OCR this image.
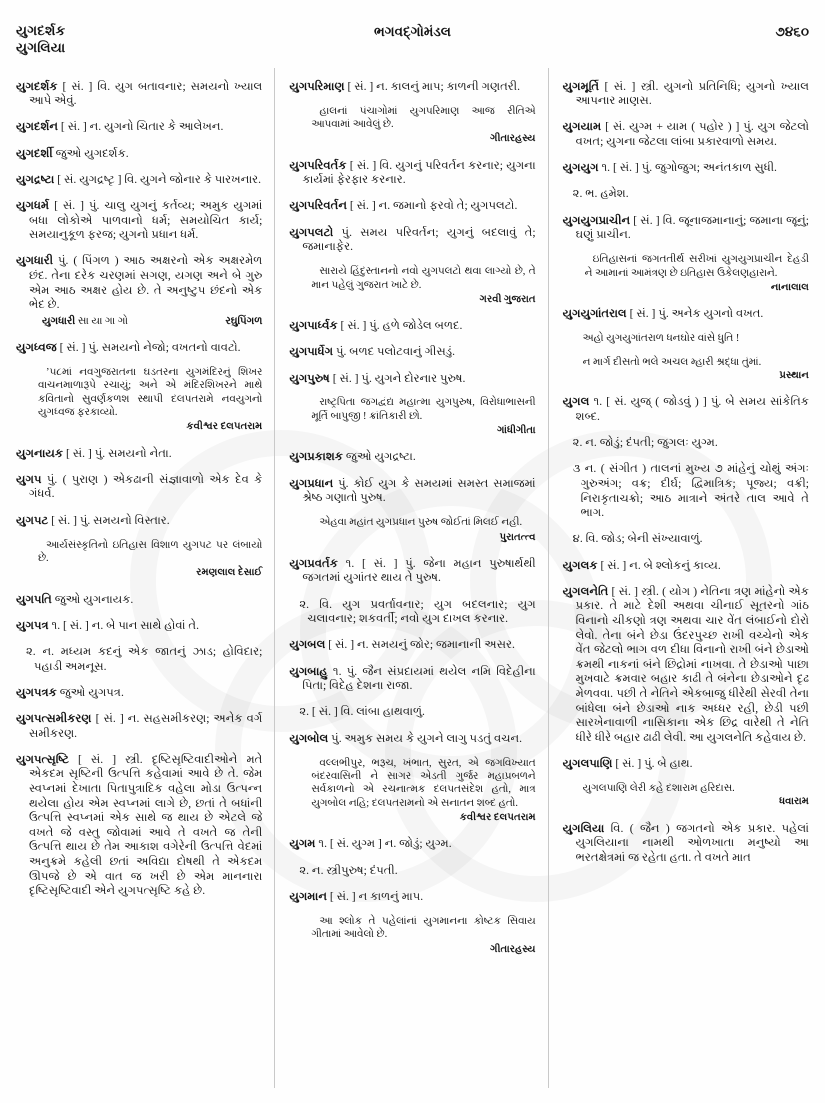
યુગદર્શક
યુગલિયા
ભગવદ્ગોમંડલ	૭૪૬૦

યુગદર્શક [ સં. ] વિ. યુગ બતાવનાર; સમયનો ખ્યાલ આપે એવું.

યુગદર્શન [ સં. ] ન. યુગનો ચિતાર કે આલેખન.

યુગદર્શી જુઓ યુગદર્શક.

યુગદ્રષ્ટા [ સં. યુગદ્રષ્ટૃ ] વિ. યુગને જોનાર કે પારખનાર.

યુગધર્મ [ સં. ] પું. ચાલુ યુગનું કર્તવ્ય; અમુક યુગમાં બધા લોકોએ પાળવાનો ધર્મ; સમયોચિત કાર્ય; સમયાનુકૂળ ફરજ; યુગનો પ્રધાન ધર્મ.

યુગધારી પું. ( પિંગળ ) આઠ અક્ષરનો એક અક્ષરમેળ છંદ. તેના દરેક ચરણમાં સગણ, યગણ અને બે ગુરુ એમ આઠ અક્ષર હોય છે. તે અનુષ્ટુપ છંદનો એક ભેદ છે.

યુગધારી સા યા ગા ગો	રઘુપિંગળ

યુગધ્વજ [ સં. ] પું. સમયનો નેજો; વખતનો વાવટો.

’૫૮માં નવગુજરાતના ઘડતરના યુગમંદિરનું શિખર વાચનમાળારૂપે રચાયું; અને એ મંદિરશિખરને માથે કવિતાનો સુવર્ણકળશ સ્થાપી દલપતરામે નવયુગનો યુગધ્વજ ફરકાવ્યો.

કવીશ્વર દલપતરામ

યુગનાયક [ સં. ] પું. સમયનો નેતા.

યુગપ પું. ( પુરાણ ) એકઢાની સંજ્ઞાવાળો એક દેવ કે ગંધર્વ.

યુગપટ [ સં. ] પું. સમયનો વિસ્તાર.

આર્યસંસ્કૃતિનો ઇતિહાસ વિશાળ યુગપટ પર લંબાયો છે.

રમણલાલ દેસાઈ

યુગપતિ જુઓ યુગનાયક.

યુગપત્ર ૧. [ સં. ] ન. બે પાન સાથે હોવાં તે.

૨. ન. મધ્યમ કદનું એક જાતનું ઝાડ; હોવિદાર; પહાડી અમનૂસ.

યુગપત્રક જુઓ યુગપત્ર.

યુગપત્સમીકરણ [ સં. ] ન. સહસમીકરણ; અનેક વર્ગ સમીકરણ.

યુગપત્સૃષ્ટિ [ સં. ] સ્ત્રી. દૃષ્ટિસૃષ્ટિવાદીઓને મતે એકદમ સૃષ્ટિની ઉત્પત્તિ કહેવામાં આવે છે તે. જેમ સ્વપ્નમાં દેખાતા પિતાપુત્રાદિક વહેલા મોડા ઉત્પન્ન થયેલા હોય એમ સ્વપ્નમાં લાગે છે, છતાં તે બધાંની ઉત્પત્તિ સ્વપ્નમાં એક સાથે જ થાય છે એટલે જે વખતે જે વસ્તુ જોવામાં આવે તે વખતે જ તેની ઉત્પત્તિ થાય છે તેમ આકાશ વગેરેની ઉત્પત્તિ વેદમાં અનુક્રમે કહેલી છતાં અવિદ્યા દોષથી તે એકદમ ઊપજે છે એ વાત જ ખરી છે એમ માનનારા દૃષ્ટિસૃષ્ટિવાદી એને યુગપત્સૃષ્ટિ કહે છે.

યુગપરિમાણ [ સં. ] ન. કાલનું માપ; કાળની ગણતરી.

હાલનાં પંચાગોમાં યુગપરિમાણ આજ રીતિએ આપવામાં આવેલું છે.

ગીતારહસ્ય

યુગપરિવર્તક [ સં. ] વિ. યુગનું પરિવર્તન કરનાર; યુગના કાર્યમાં ફેરફાર કરનાર.

યુગપરિવર્તન [ સં. ] ન. જમાનો ફરવો તે; યુગપલટો.

યુગપલટો પું. સમય પરિવર્તન; યુગનું બદલાવું તે; જમાનાફેર.

સારાયે હિંદુસ્તાનનો નવો યુગપલટો થવા લાગ્યો છે, તે માન પહેલું ગુજરાત ખાટે છે.

ગરવી ગુજરાત

યુગપાર્ધ્વક [ સં. ] પું. હળે જોડેલ બળદ.

યુગપાર્ધેગ પું. બળદ પલોટવાનું ગીસડું.

યુગપુરુષ [ સં. ] પું. યુગને દોરનાર પુરુષ.

રાષ્ટ્રપિતા જગદ્વંદ્ય મહાત્મા યુગપુરુષ, વિરોધાભાસની મૂર્તિ બાપુજી ! ક્રાંતિકારી છો.

ગાંધીગીતા

યુગપ્રકાશક જુઓ યુગદ્રષ્ટા.

યુગપ્રધાન પું. કોઈ યુગ કે સમયમાં સમસ્ત સમાજમાં શ્રેષ્ઠ ગણાતો પુરુષ.

એહવા મહાંત યુગપ્રધાન પુરુષ જોઈતાં મિલઈ નહી.

પુરાતત્ત્વ

યુગપ્રવર્તક ૧. [ સં. ] પું. જેના મહાન પુરુષાર્થથી જગતમાં યુગાંતર થાય તે પુરુષ.

૨. વિ. યુગ પ્રવર્તાવનાર; યુગ બદલનાર; યુગ ચલાવનાર; શકવર્તી; નવો યુગ દાખલ કરનાર.

યુગબલ [ સં. ] ન. સમયનું જોર; જમાનાની અસર.

યુગબાહુ ૧. પું. જૈન સંપ્રદાયમાં થયેલ નમિ વિદેહીના પિતા; વિદેહ દેશના રાજા.

૨. [ સં. ] વિ. લાંબા હાથવાળું.

યુગબોલ પું. અમુક સમય કે યુગને લાગુ પડતું વચન.

વલ્લભીપુર, ભરૂચ, ખંભાત, સુરત, એ જગવિખ્યાત બંદરવાસિની ને સાગર એડતી ગુર્જર મહાપ્રબળને સર્વકાળનો એ રચનાત્મક દલપતસંદેશ હતો, માત્ર યુગબોલ નહિ; દલપતરામનો એ સનાતન શબ્દ હતો.

કવીશ્વર દલપતરામ

યુગમ ૧. [ સં. યુગ્મ ] ન. જોડું; યુગ્મ.

૨. ન. સ્ત્રીપુરુષ; દંપતી.

યુગમાન [ સં. ] ન કાળનું માપ.

આ શ્લોક તે પહેલાંનાં યુગમાનના કોષ્ટક સિવાય ગીતામાં આવેલો છે.

ગીતારહસ્ય

યુગમૂર્તિ [ સં. ] સ્ત્રી. યુગનો પ્રતિનિધિ; યુગનો ખ્યાલ આપનાર માણસ.

યુગયામ [ સં. યુગ્મ + યામ ( પહોર ) ] પું. યુગ જેટલો વખત; યુગના જેટલા લાંબા પ્રકારવાળો સમય.

યુગયુગ ૧. [ સં. ] પું. જુગોજુગ; અનંતકાળ સુધી.

૨. ભ. હમેશ.

યુગયુગપ્રાચીન [ સં. ] વિ. જૂનાજમાનાનું; જમાના જૂનું; ઘણું પ્રાચીન.

ઇતિહાસનાં જગતતીર્થ સરીખાં યુગયુગપ્રાચીન દેહડી ને આમાનાં આમંત્રણ છે ઇતિહાસ ઉકેલણહારાને.

નાનાલાલ

યુગયુગાંતરાલ [ સં. ] પું. અનેક યુગનો વખત.

અહો યુગયુગાંતરાળ ધનઘોર વાંસે ધુતિ !

ન માર્ગ દીસતો ભલે અચલ મ્હારી શ્રદ્ધા તુંમાં.

પ્રસ્થાન

યુગલ ૧. [ સં. યુજ્ ( જોડવું ) ] પું. બે સમય સાંકેતિક શબ્દ.

૨. ન. જોડું; દંપતી; જુગલઃ યુગ્મ.

૩ ન. ( સંગીત ) તાલનાં મુખ્ય ૭ માંહેનું ચોથું અંગઃ ગુરુઅંગ; વક્ર; દીર્ઘ; દ્વિમાત્રિક; પૂજ્ય; વક્રી; નિરાકૃતાચક્રો; આઠ માત્રાને અંતરે તાલ આવે તે ભાગ.

૪. વિ. જોડ; બેની સંખ્યાવાળું.

યુગલક [ સં. ] ન. બે શ્લોકનું કાવ્ય.

યુગલનેતિ [ સં. ] સ્ત્રી. ( યોગ ) નેતિના ત્રણ માંહેનો એક પ્રકાર. તે માટે દેશી અથવા ચીનાઈ સૂતરનો ગાંઠ વિનાનો ચીકણો ત્રણ અથવા ચાર વેંત લંબાઈનો દોરો લેવો. તેના બંને છેડા ઉંદરપુચ્છ રાખી વચ્ચેનો એક વેંત જેટલો ભાગ વળ દીધા વિનાનો રાખી બંને છેડાઓ ક્રમથી નાકનાં બંને છિદ્રોમાં નાખવા. તે છેડાઓ પાછા મુખવાટે ક્રમવાર બહાર કાઢી તે બંનેના છેડાઓને દૃઢ મેળવવા. પછી તે નેતિને એકબાજુ ધીરેથી સેરવી તેના બાંધેલા બંને છેડાઓ નાક અધ્ધર રહી, છેડી પછી સારખેનાવાળી નાસિકાના એક છિદ્ર વારેથી તે નેતિ ધીરે ધીરે બહાર ઢાઢી લેવી. આ યુગલનેતિ કહેવાય છે.

યુગલપાણિ [ સં. ] પું. બે હાથ.

યુગલપાણિ લેરી કહે દશારામ હરિદાસ.

ધવારામ

યુગલિયા વિ. ( જૈન ) જગતનો એક પ્રકાર. પહેલાં યુગલિયાના નામથી ઓળખાતા મનુષ્યો આ ભરતક્ષેત્રમાં જ રહેતા હતા. તે વખતે માત
